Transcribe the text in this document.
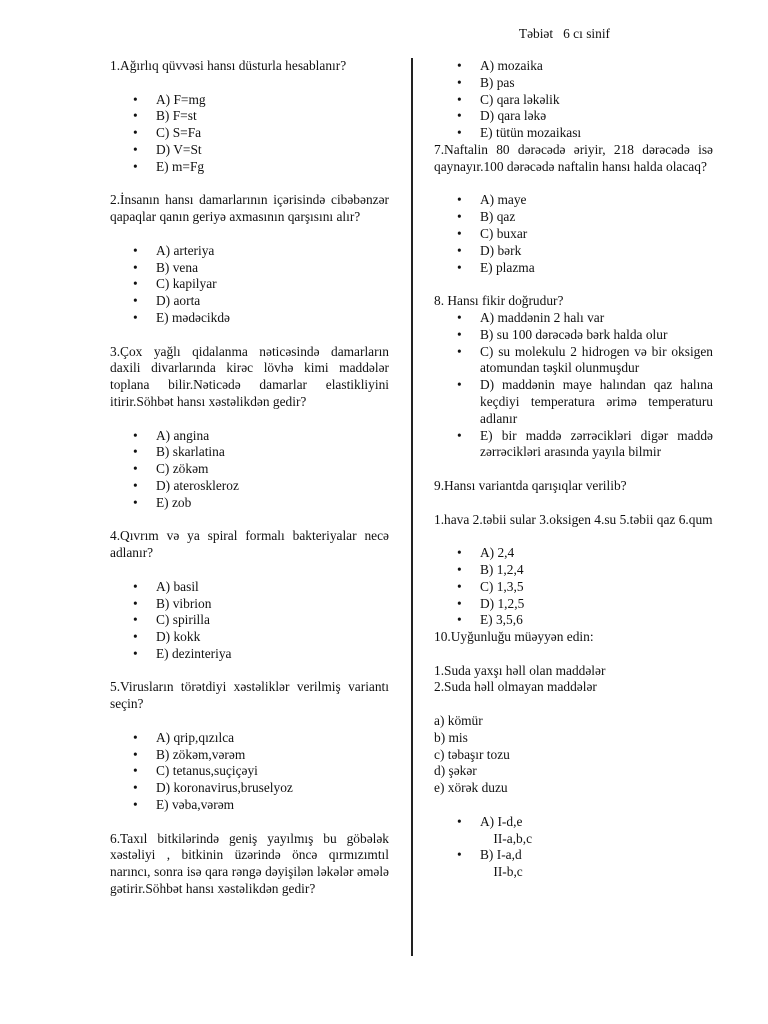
Təbiət   6 cı sinif

1.Ağırlıq qüvvəsi hansı düsturla hesablanır?

• A) F=mg
• B) F=st
• C) S=Fa
• D) V=St
• E) m=Fg

2.İnsanın hansı damarlarının içərisində cibəbənzər qapaqlar qanın geriyə axmasının qarşısını alır?

• A) arteriya
• B) vena
• C) kapilyar
• D) aorta
• E) mədəcikdə

3.Çox yağlı qidalanma nəticəsində damarların daxili divarlarında kirəc lövhə kimi maddələr toplana bilir.Nəticədə damarlar elastikliyini itirir.Söhbət hansı xəstəlikdən gedir?

• A) angina
• B) skarlatina
• C) zökəm
• D) ateroskleroz
• E) zob

4.Qıvrım və ya spiral formalı bakteriyalar necə adlanır?

• A) basil
• B) vibrion
• C) spirilla
• D) kokk
• E) dezinteriya

5.Virusların törətdiyi xəstəliklər verilmiş variantı seçin?

• A) qrip,qızılca
• B) zökəm,vərəm
• C) tetanus,suçiçəyi
• D) koronavirus,bruselyoz
• E) vəba,vərəm

6.Taxıl bitkilərində geniş yayılmış bu göbələk xəstəliyi , bitkinin üzərində öncə qırmızımtıl narıncı, sonra isə qara rəngə dəyişilən ləkələr əmələ gətirir.Söhbət hansı xəstəlikdən gedir?

• A) mozaika
• B) pas
• C) qara ləkəlik
• D) qara ləkə
• E) tütün mozaikası

7.Naftalin 80 dərəcədə əriyir, 218 dərəcədə isə qaynayır.100 dərəcədə naftalin hansı halda olacaq?

• A) maye
• B) qaz
• C) buxar
• D) bərk
• E) plazma

8. Hansı fikir doğrudur?

• A) maddənin 2 halı var
• B) su 100 dərəcədə bərk halda olur
• C) su molekulu 2 hidrogen və bir oksigen atomundan təşkil olunmuşdur
• D) maddənin maye halından qaz halına keçdiyi temperatura ərimə temperaturu adlanır
• E) bir maddə zərrəcikləri digər maddə zərrəcikləri arasında yayıla bilmir

9.Hansı variantda qarışıqlar verilib?

1.hava 2.təbii sular 3.oksigen 4.su 5.təbii qaz 6.qum

• A) 2,4
• B) 1,2,4
• C) 1,3,5
• D) 1,2,5
• E) 3,5,6

10.Uyğunluğu müəyyən edin:

1.Suda yaxşı həll olan maddələr

2.Suda həll olmayan maddələr

a) kömür

b) mis

c) təbaşır tozu

d) şəkər

e) xörək duzu

• A) I-d,e
II-a,b,c
• B) I-a,d
II-b,c
